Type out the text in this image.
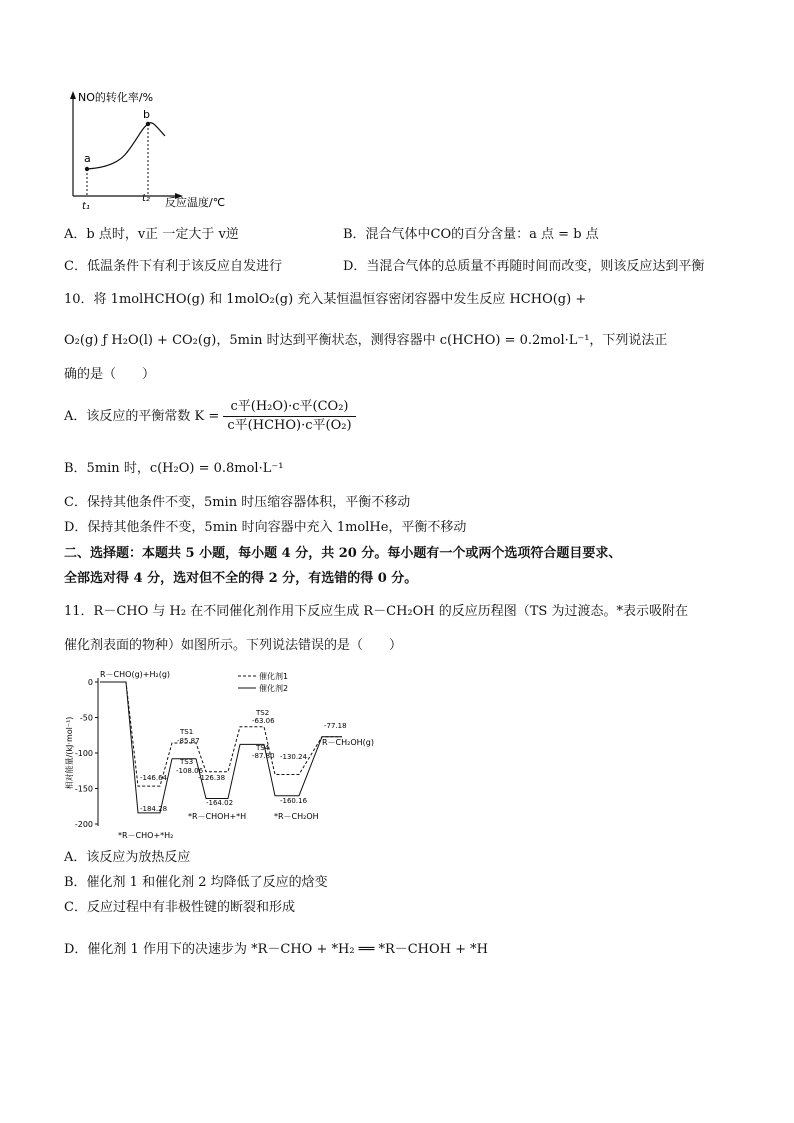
NO的转化率/%
反应温度/℃
a
b
t₁
t₂
A．b 点时，v正 一定大于 v逆	B．混合气体中CO的百分含量：a 点 = b 点
C．低温条件下有利于该反应自发进行	D．当混合气体的总质量不再随时间而改变，则该反应达到平衡
10．将 1molHCHO(g) 和 1molO₂(g) 充入某恒温恒容密闭容器中发生反应 HCHO(g) +
O₂(g) ƒ H₂O(l) + CO₂(g)，5min 时达到平衡状态，测得容器中 c(HCHO) = 0.2mol·L⁻¹，下列说法正
确的是（　　）
A．该反应的平衡常数 $K = \frac{\text{c平(H₂O)·c平(CO₂)}}{\text{c平(HCHO)·c平(O₂)}}$
B．5min 时，c(H₂O) = 0.8mol·L⁻¹
C．保持其他条件不变，5min 时压缩容器体积，平衡不移动
D．保持其他条件不变，5min 时向容器中充入 1molHe，平衡不移动
二、选择题：本题共 5 小题，每小题 4 分，共 20 分。每小题有一个或两个选项符合题目要求、
全部选对得 4 分，选对但不全的得 2 分，有选错的得 0 分。
11．R－CHO 与 H₂ 在不同催化剂作用下反应生成 R－CH₂OH 的反应历程图（TS 为过渡态。*表示吸附在
催化剂表面的物种）如图所示。下列说法错误的是（　　）
0
-50
-100
-150
-200
相对能量/(kJ·mol⁻¹)
催化剂1
催化剂2
R－CHO(g)+H₂(g)
*R－CHO+*H₂
*R－CHOH+*H	*R－CH₂OH
R－CH₂OH(g)
TS1
-85.87
TS3
-108.06
TS2
-63.06
TS4
-87.80
-146.64
-184.28
-126.38
-164.02
-130.24
-160.16
-77.18
A．该反应为放热反应
B．催化剂 1 和催化剂 2 均降低了反应的焓变
C．反应过程中有非极性键的断裂和形成
D．催化剂 1 作用下的决速步为 *R－CHO + *H₂ ══ *R－CHOH + *H
